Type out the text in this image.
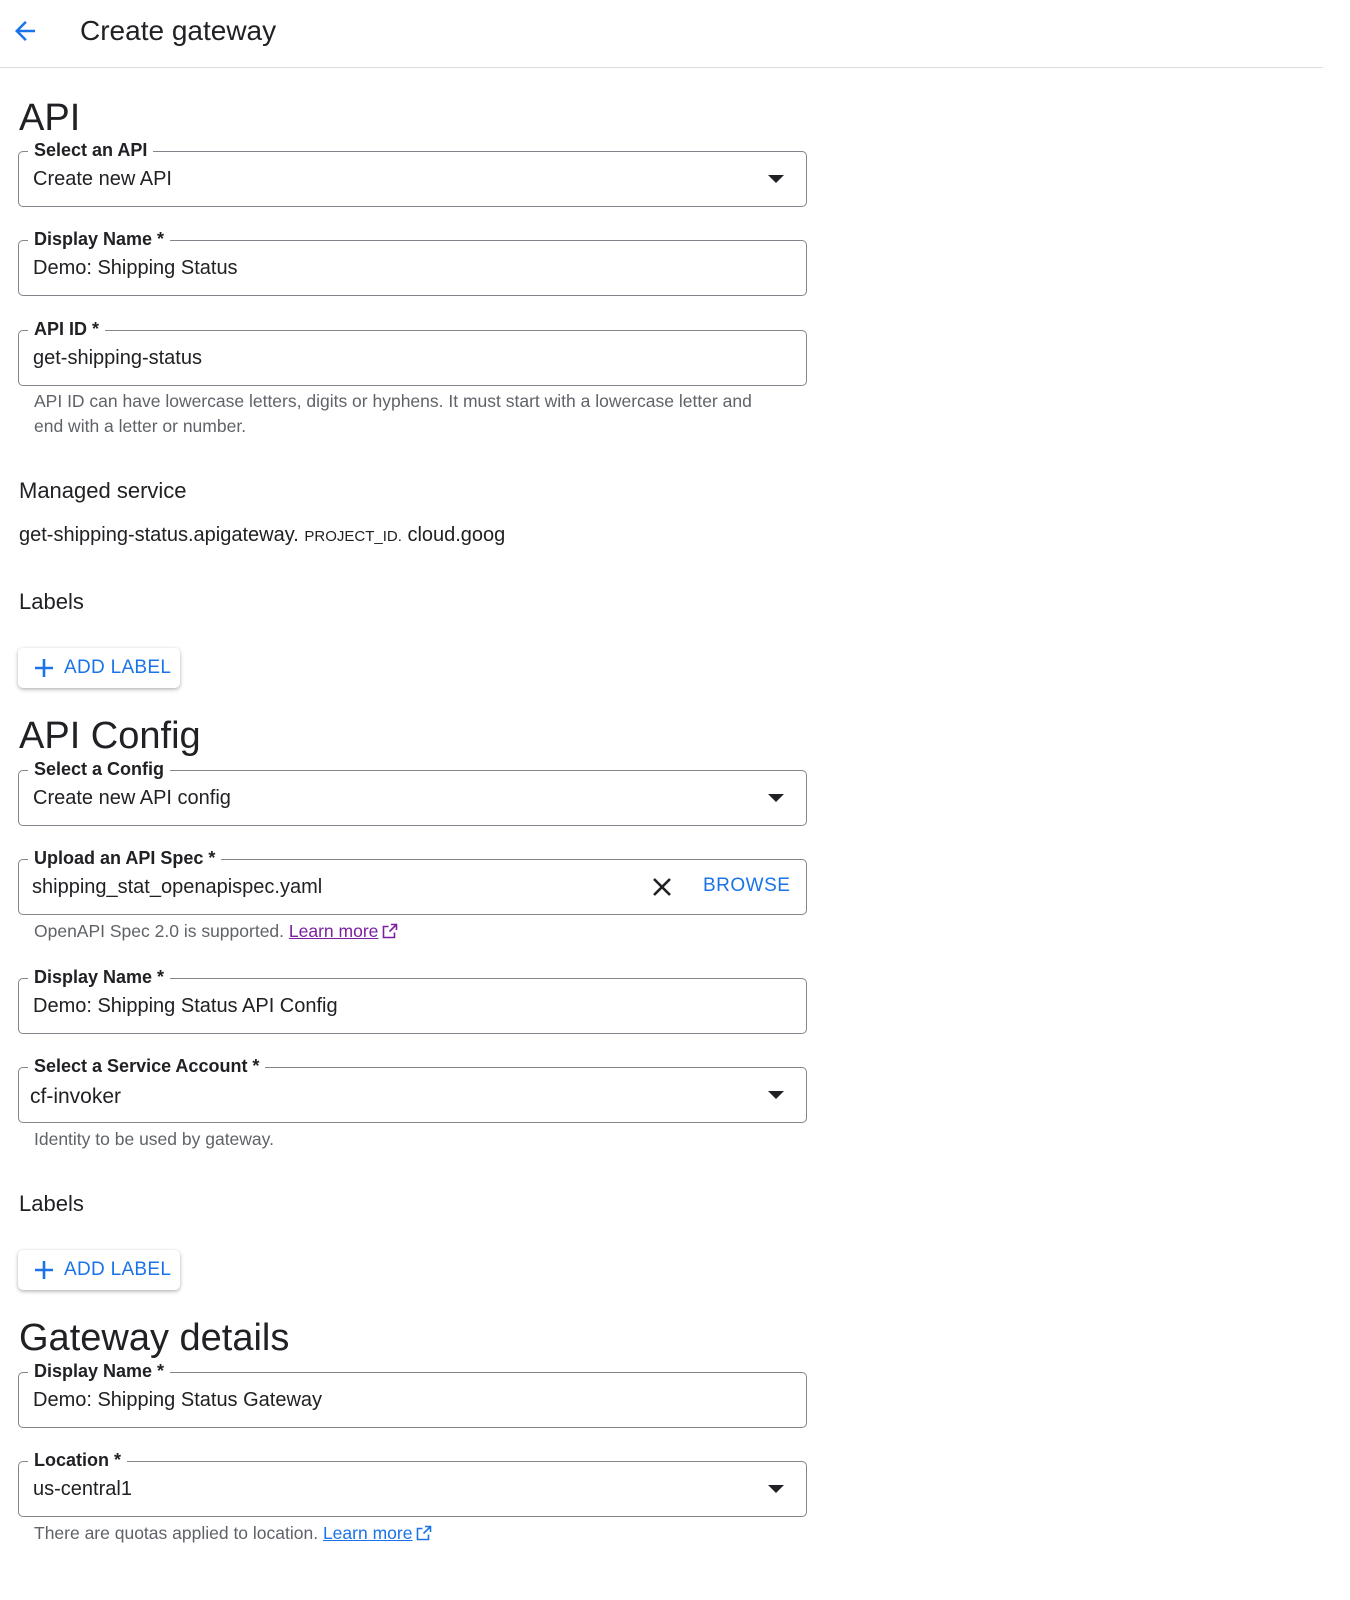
Create gateway
API
Select an API
Create new API
Display Name *
Demo: Shipping Status
API ID *
get-shipping-status
API ID can have lowercase letters, digits or hyphens. It must start with a lowercase letter and end with a letter or number.
Managed service
get-shipping-status.apigateway. PROJECT_ID. cloud.goog
Labels
ADD LABEL
API Config
Select a Config
Create new API config
Upload an API Spec *
shipping_stat_openapispec.yaml	BROWSE
OpenAPI Spec 2.0 is supported. Learn more
Display Name *
Demo: Shipping Status API Config
Select a Service Account *
cf-invoker
Identity to be used by gateway.
Labels
ADD LABEL
Gateway details
Display Name *
Demo: Shipping Status Gateway
Location *
us-central1
There are quotas applied to location. Learn more
